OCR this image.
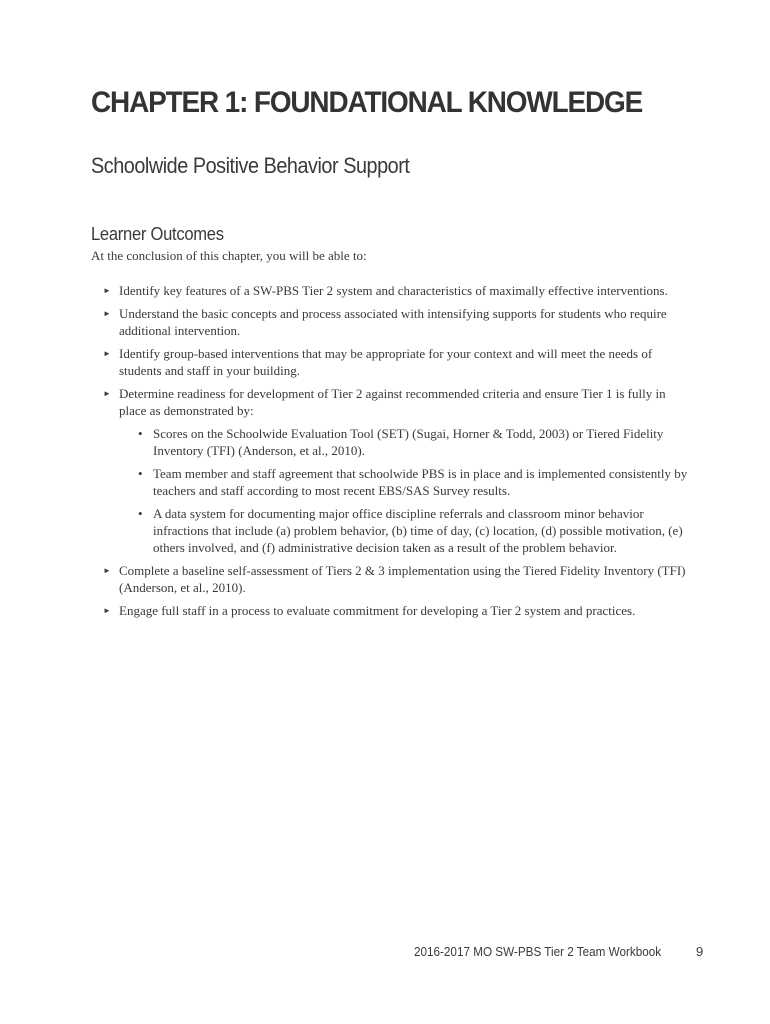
CHAPTER 1: FOUNDATIONAL KNOWLEDGE
Schoolwide Positive Behavior Support
Learner Outcomes

At the conclusion of this chapter, you will be able to:

► Identify key features of a SW-PBS Tier 2 system and characteristics of maximally effective interventions.
► Understand the basic concepts and process associated with intensifying supports for students who require additional intervention.
► Identify group-based interventions that may be appropriate for your context and will meet the needs of students and staff in your building.
► Determine readiness for development of Tier 2 against recommended criteria and ensure Tier 1 is fully in place as demonstrated by:
• Scores on the Schoolwide Evaluation Tool (SET) (Sugai, Horner & Todd, 2003) or Tiered Fidelity Inventory (TFI) (Anderson, et al., 2010).
• Team member and staff agreement that schoolwide PBS is in place and is implemented consistently by teachers and staff according to most recent EBS/SAS Survey results.
• A data system for documenting major office discipline referrals and classroom minor behavior infractions that include (a) problem behavior, (b) time of day, (c) location, (d) possible motivation, (e) others involved, and (f) administrative decision taken as a result of the problem behavior.
► Complete a baseline self-assessment of Tiers 2 & 3 implementation using the Tiered Fidelity Inventory (TFI) (Anderson, et al., 2010).
► Engage full staff in a process to evaluate commitment for developing a Tier 2 system and practices.

2016-2017 MO SW-PBS Tier 2 Team Workbook	9
